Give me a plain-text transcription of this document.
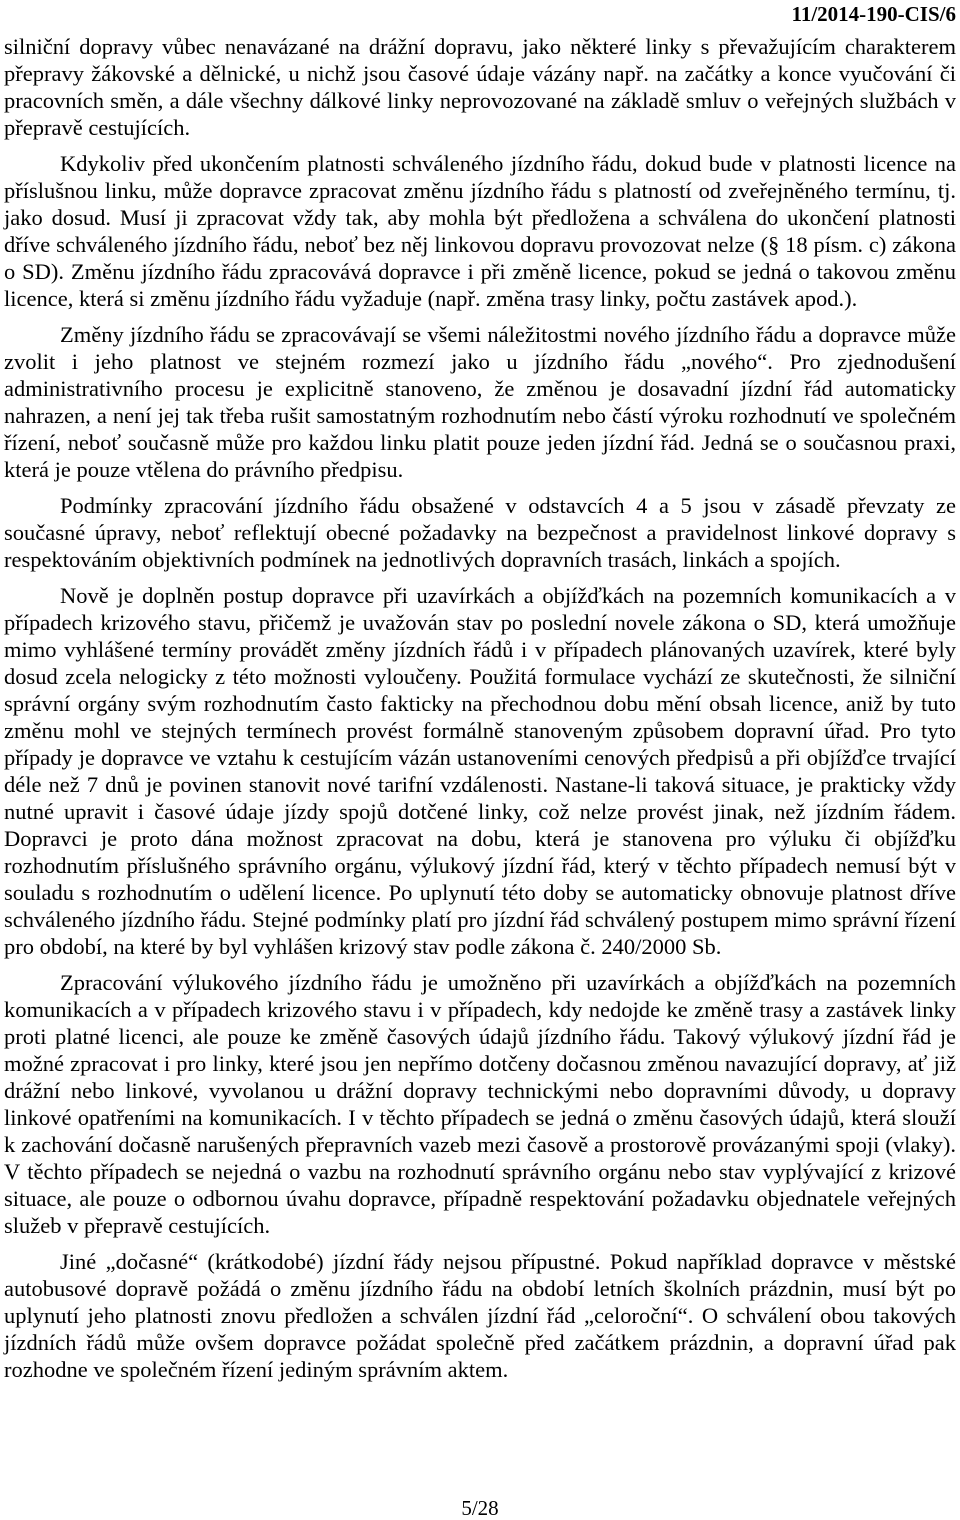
11/2014-190-CIS/6

silniční dopravy vůbec nenavázané na drážní dopravu, jako některé linky s převažujícím charakterem přepravy žákovské a dělnické, u nichž jsou časové údaje vázány např. na začátky a konce vyučování či pracovních směn, a dále všechny dálkové linky neprovozované na základě smluv o veřejných službách v přepravě cestujících.

Kdykoliv před ukončením platnosti schváleného jízdního řádu, dokud bude v platnosti licence na příslušnou linku, může dopravce zpracovat změnu jízdního řádu s platností od zveřejněného termínu, tj. jako dosud. Musí ji zpracovat vždy tak, aby mohla být předložena a schválena do ukončení platnosti dříve schváleného jízdního řádu, neboť bez něj linkovou dopravu provozovat nelze (§ 18 písm. c) zákona o SD). Změnu jízdního řádu zpracovává dopravce i při změně licence, pokud se jedná o takovou změnu licence, která si změnu jízdního řádu vyžaduje (např. změna trasy linky, počtu zastávek apod.).

Změny jízdního řádu se zpracovávají se všemi náležitostmi nového jízdního řádu a dopravce může zvolit i jeho platnost ve stejném rozmezí jako u jízdního řádu „nového“. Pro zjednodušení administrativního procesu je explicitně stanoveno, že změnou je dosavadní jízdní řád automaticky nahrazen, a není jej tak třeba rušit samostatným rozhodnutím nebo částí výroku rozhodnutí ve společném řízení, neboť současně může pro každou linku platit pouze jeden jízdní řád. Jedná se o současnou praxi, která je pouze vtělena do právního předpisu.

Podmínky zpracování jízdního řádu obsažené v odstavcích 4 a 5 jsou v zásadě převzaty ze současné úpravy, neboť reflektují obecné požadavky na bezpečnost a pravidelnost linkové dopravy s respektováním objektivních podmínek na jednotlivých dopravních trasách, linkách a spojích.

Nově je doplněn postup dopravce při uzavírkách a objížďkách na pozemních komunikacích a v případech krizového stavu, přičemž je uvažován stav po poslední novele zákona o SD, která umožňuje mimo vyhlášené termíny provádět změny jízdních řádů i v případech plánovaných uzavírek, které byly dosud zcela nelogicky z této možnosti vyloučeny. Použitá formulace vychází ze skutečnosti, že silniční správní orgány svým rozhodnutím často fakticky na přechodnou dobu mění obsah licence, aniž by tuto změnu mohl ve stejných termínech provést formálně stanoveným způsobem dopravní úřad. Pro tyto případy je dopravce ve vztahu k cestujícím vázán ustanoveními cenových předpisů a při objížďce trvající déle než 7 dnů je povinen stanovit nové tarifní vzdálenosti. Nastane-li taková situace, je prakticky vždy nutné upravit i časové údaje jízdy spojů dotčené linky, což nelze provést jinak, než jízdním řádem. Dopravci je proto dána možnost zpracovat na dobu, která je stanovena pro výluku či objížďku rozhodnutím příslušného správního orgánu, výlukový jízdní řád, který v těchto případech nemusí být v souladu s rozhodnutím o udělení licence. Po uplynutí této doby se automaticky obnovuje platnost dříve schváleného jízdního řádu. Stejné podmínky platí pro jízdní řád schválený postupem mimo správní řízení pro období, na které by byl vyhlášen krizový stav podle zákona č. 240/2000 Sb.

Zpracování výlukového jízdního řádu je umožněno při uzavírkách a objížďkách na pozemních komunikacích a v případech krizového stavu i v případech, kdy nedojde ke změně trasy a zastávek linky proti platné licenci, ale pouze ke změně časových údajů jízdního řádu. Takový výlukový jízdní řád je možné zpracovat i pro linky, které jsou jen nepřímo dotčeny dočasnou změnou navazující dopravy, ať již drážní nebo linkové, vyvolanou u drážní dopravy technickými nebo dopravními důvody, u dopravy linkové opatřeními na komunikacích. I v těchto případech se jedná o změnu časových údajů, která slouží k zachování dočasně narušených přepravních vazeb mezi časově a prostorově provázanými spoji (vlaky). V těchto případech se nejedná o vazbu na rozhodnutí správního orgánu nebo stav vyplývající z krizové situace, ale pouze o odbornou úvahu dopravce, případně respektování požadavku objednatele veřejných služeb v přepravě cestujících.

Jiné „dočasné“ (krátkodobé) jízdní řády nejsou přípustné. Pokud například dopravce v městské autobusové dopravě požádá o změnu jízdního řádu na období letních školních prázdnin, musí být po uplynutí jeho platnosti znovu předložen a schválen jízdní řád „celoroční“. O schválení obou takových jízdních řádů může ovšem dopravce požádat společně před začátkem prázdnin, a dopravní úřad pak rozhodne ve společném řízení jediným správním aktem.

5/28
